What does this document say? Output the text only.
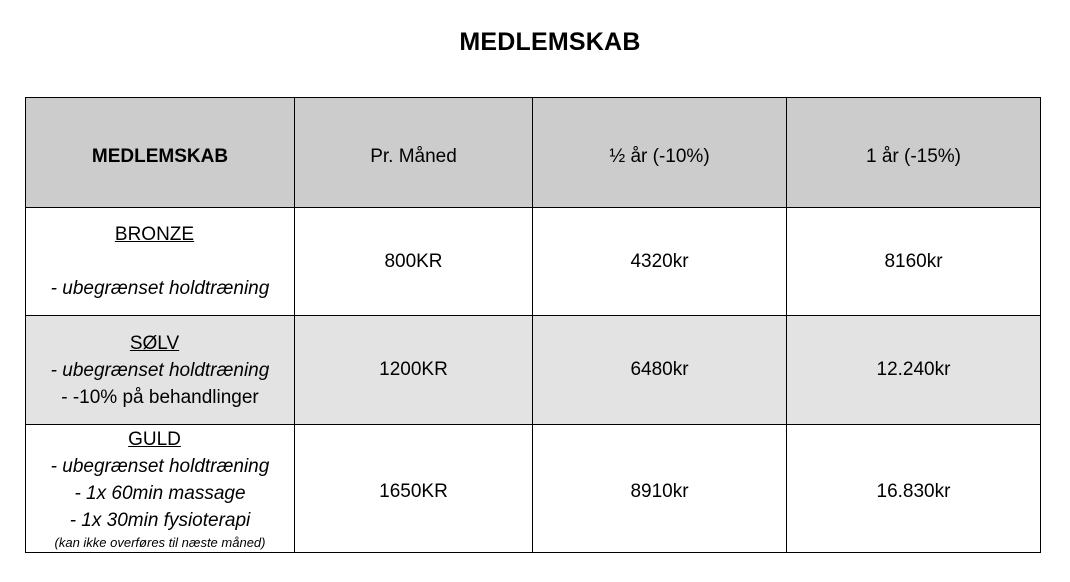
MEDLEMSKAB
MEDLEMSKAB	Pr. Måned	½ år (-10%)	1 år (-15%)

BRONZE
- ubegrænset holdtræning	800KR	4320kr	8160kr

SØLV
- ubegrænset holdtræning
- -10% på behandlinger	1200KR	6480kr	12.240kr

GULD
- ubegrænset holdtræning
- 1x 60min massage
- 1x 30min fysioterapi
(kan ikke overføres til næste måned)	1650KR	8910kr	16.830kr
